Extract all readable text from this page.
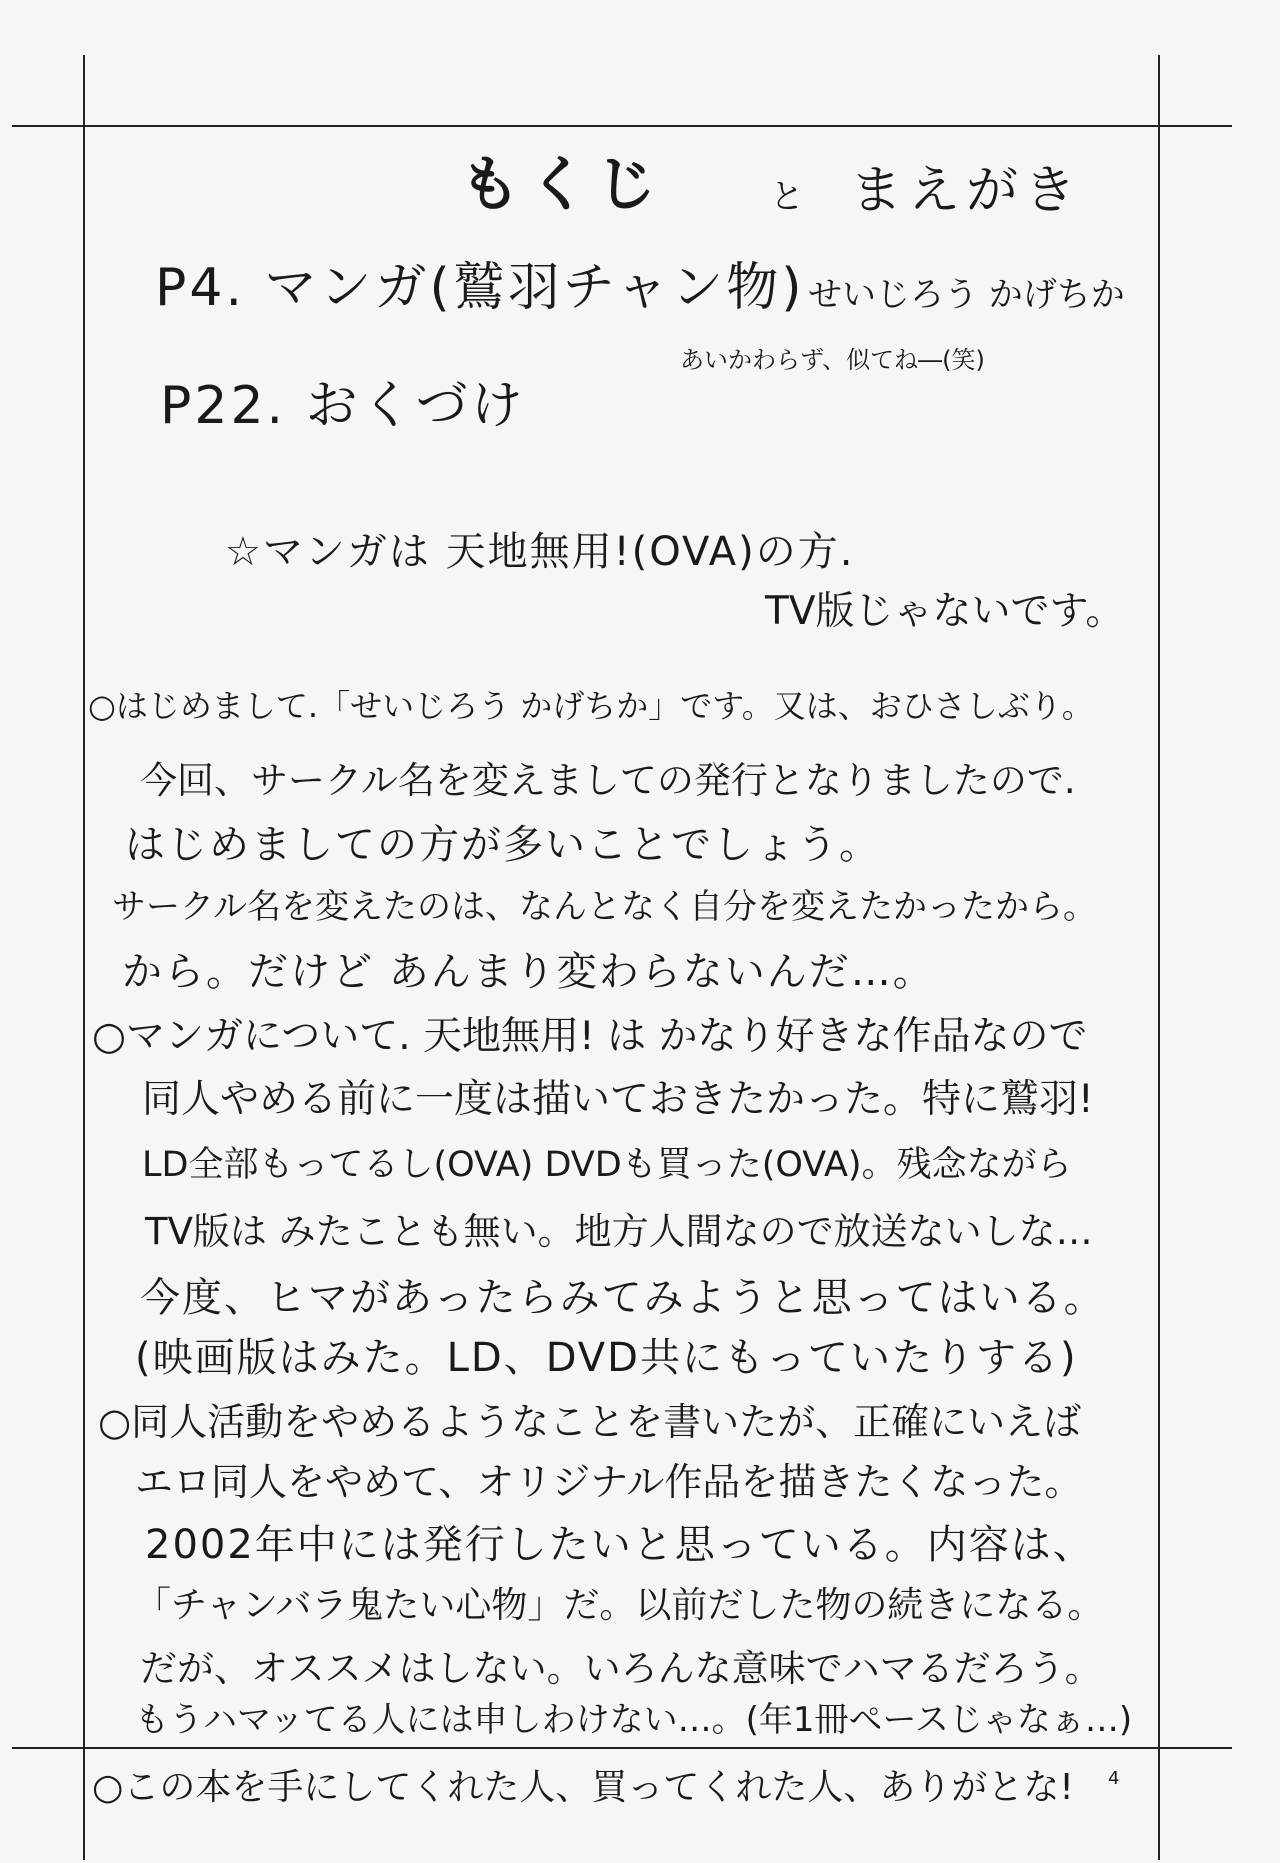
もくじ	と まえがき
P4. マンガ(鷲羽チャン物) せいじろう かげちか
あいかわらず、似てね―(笑)
P22. おくづけ
☆マンガは 天地無用!(OVA)の方.
TV版じゃないです。
○はじめまして.「せいじろう かげちか」です。又は、おひさしぶり。
今回、サークル名を変えましての発行となりましたので.
はじめましての方が多いことでしょう。
サークル名を変えたのは、なんとなく自分を変えたかったから。
から。だけど あんまり変わらないんだ…。
○マンガについて. 天地無用! は かなり好きな作品なので
同人やめる前に一度は描いておきたかった。特に鷲羽!
LD全部もってるし(OVA) DVDも買った(OVA)。残念ながら
TV版は みたことも無い。地方人間なので放送ないしな…
今度、ヒマがあったらみてみようと思ってはいる。
(映画版はみた。LD、DVD共にもっていたりする)
○同人活動をやめるようなことを書いたが、正確にいえば
エロ同人をやめて、オリジナル作品を描きたくなった。
2002年中には発行したいと思っている。内容は、
「チャンバラ鬼たい心物」だ。以前だした物の続きになる。
だが、オススメはしない。いろんな意味でハマるだろう。
もうハマッてる人には申しわけない…。(年1冊ペースじゃなぁ…)
○この本を手にしてくれた人、買ってくれた人、ありがとな! 4
